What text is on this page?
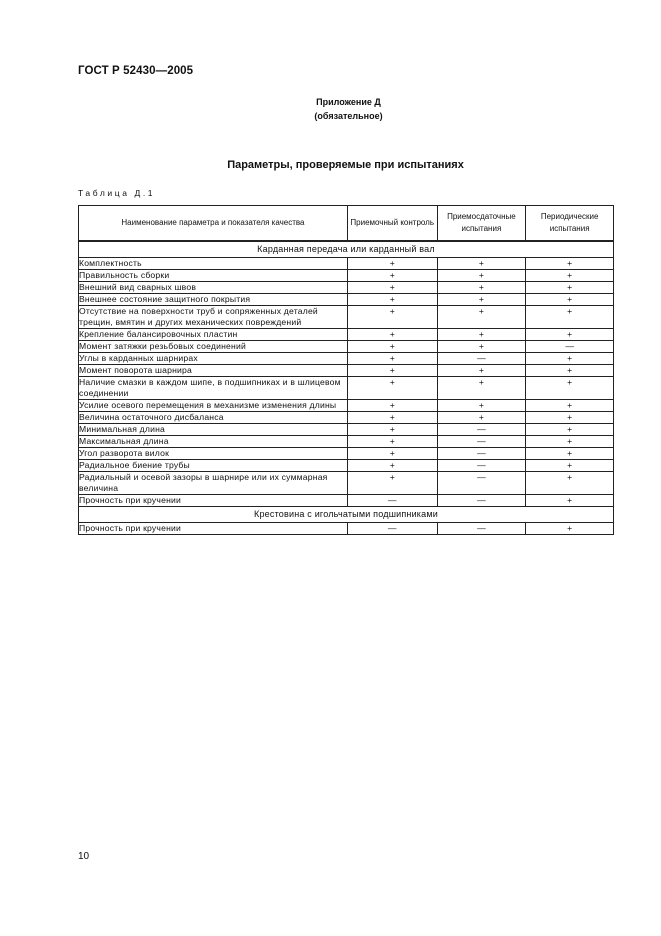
ГОСТ Р 52430—2005
Приложение Д
(обязательное)
Параметры, проверяемые при испытаниях
Таблица Д.1
Наименование параметра и показателя качества	Приемочный контроль	Приемосдаточные испытания	Периодические испытания
Карданная передача или карданный вал			
Комплектность	+	+	+
Правильность сборки	+	+	+
Внешний вид сварных швов	+	+	+
Внешнее состояние защитного покрытия	+	+	+
Отсутствие на поверхности труб и сопряженных деталей трещин, вмятин и других механических повреждений	+	+	+
Крепление балансировочных пластин	+	+	+
Момент затяжки резьбовых соединений	+	+	—
Углы в карданных шарнирах	+	—	+
Момент поворота шарнира	+	+	+
Наличие смазки в каждом шипе, в подшипниках и в шлицевом соединении	+	+	+
Усилие осевого перемещения в механизме изменения длины	+	+	+
Величина остаточного дисбаланса	+	+	+
Минимальная длина	+	—	+
Максимальная длина	+	—	+
Угол разворота вилок	+	—	+
Радиальное биение трубы	+	—	+
Радиальный и осевой зазоры в шарнире или их суммарная величина	+	—	+
Прочность при кручении	—	—	+
Крестовина с игольчатыми подшипниками			
Прочность при кручении	—	—	+
10
